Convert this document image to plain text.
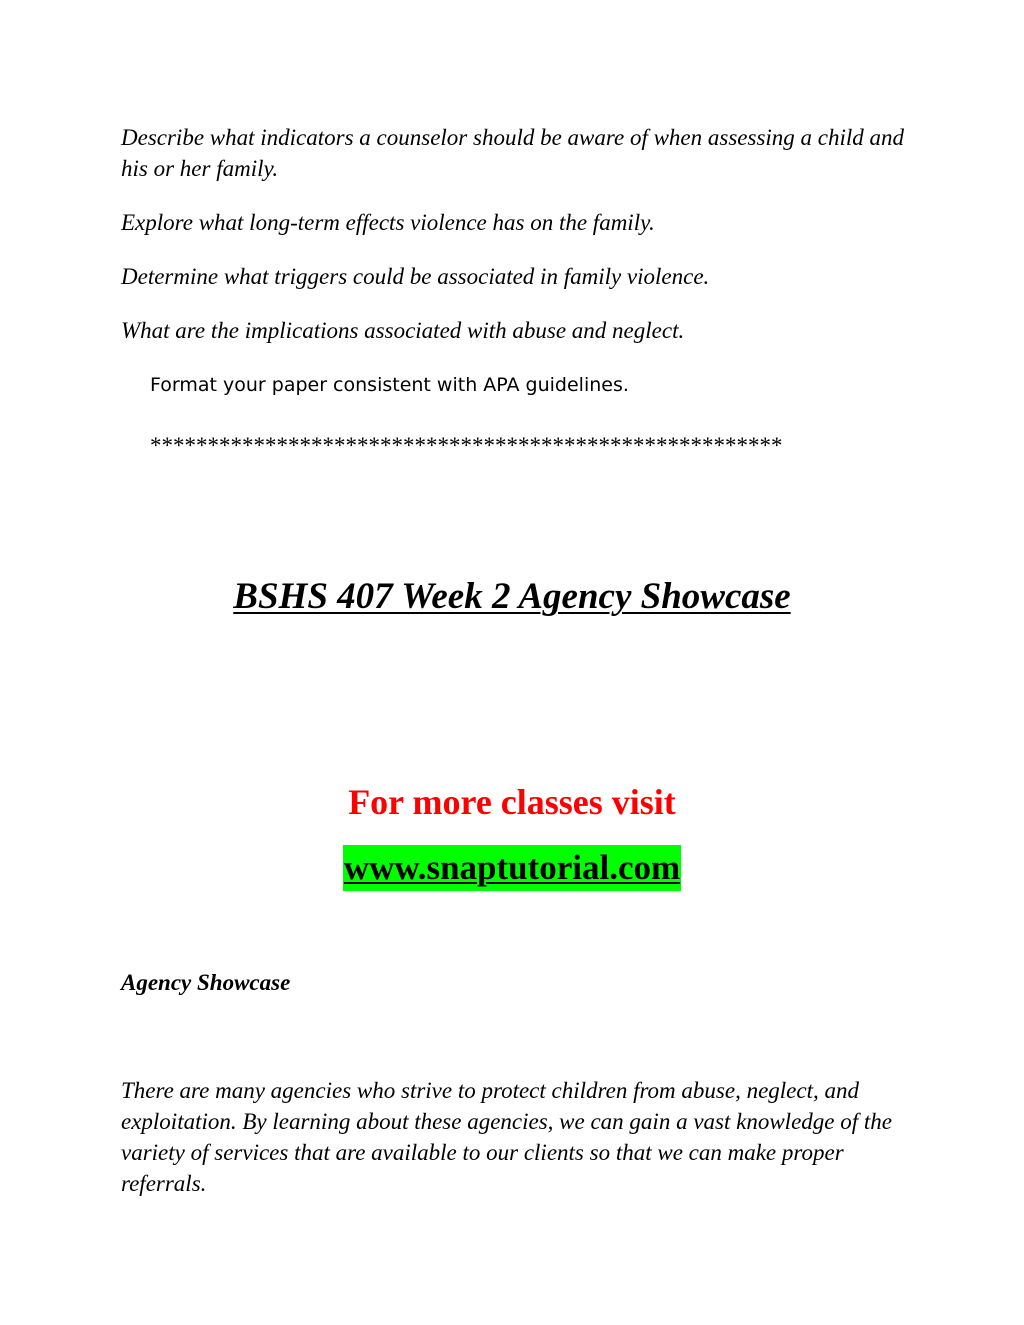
Describe what indicators a counselor should be aware of when assessing a child and his or her family.

Explore what long-term effects violence has on the family.

Determine what triggers could be associated in family violence.

What are the implications associated with abuse and neglect.

Format your paper consistent with APA guidelines.

*******************************************************

BSHS 407 Week 2 Agency Showcase
For more classes visit
www.snaptutorial.com
Agency Showcase

There are many agencies who strive to protect children from abuse, neglect, and exploitation. By learning about these agencies, we can gain a vast knowledge of the variety of services that are available to our clients so that we can make proper referrals.
